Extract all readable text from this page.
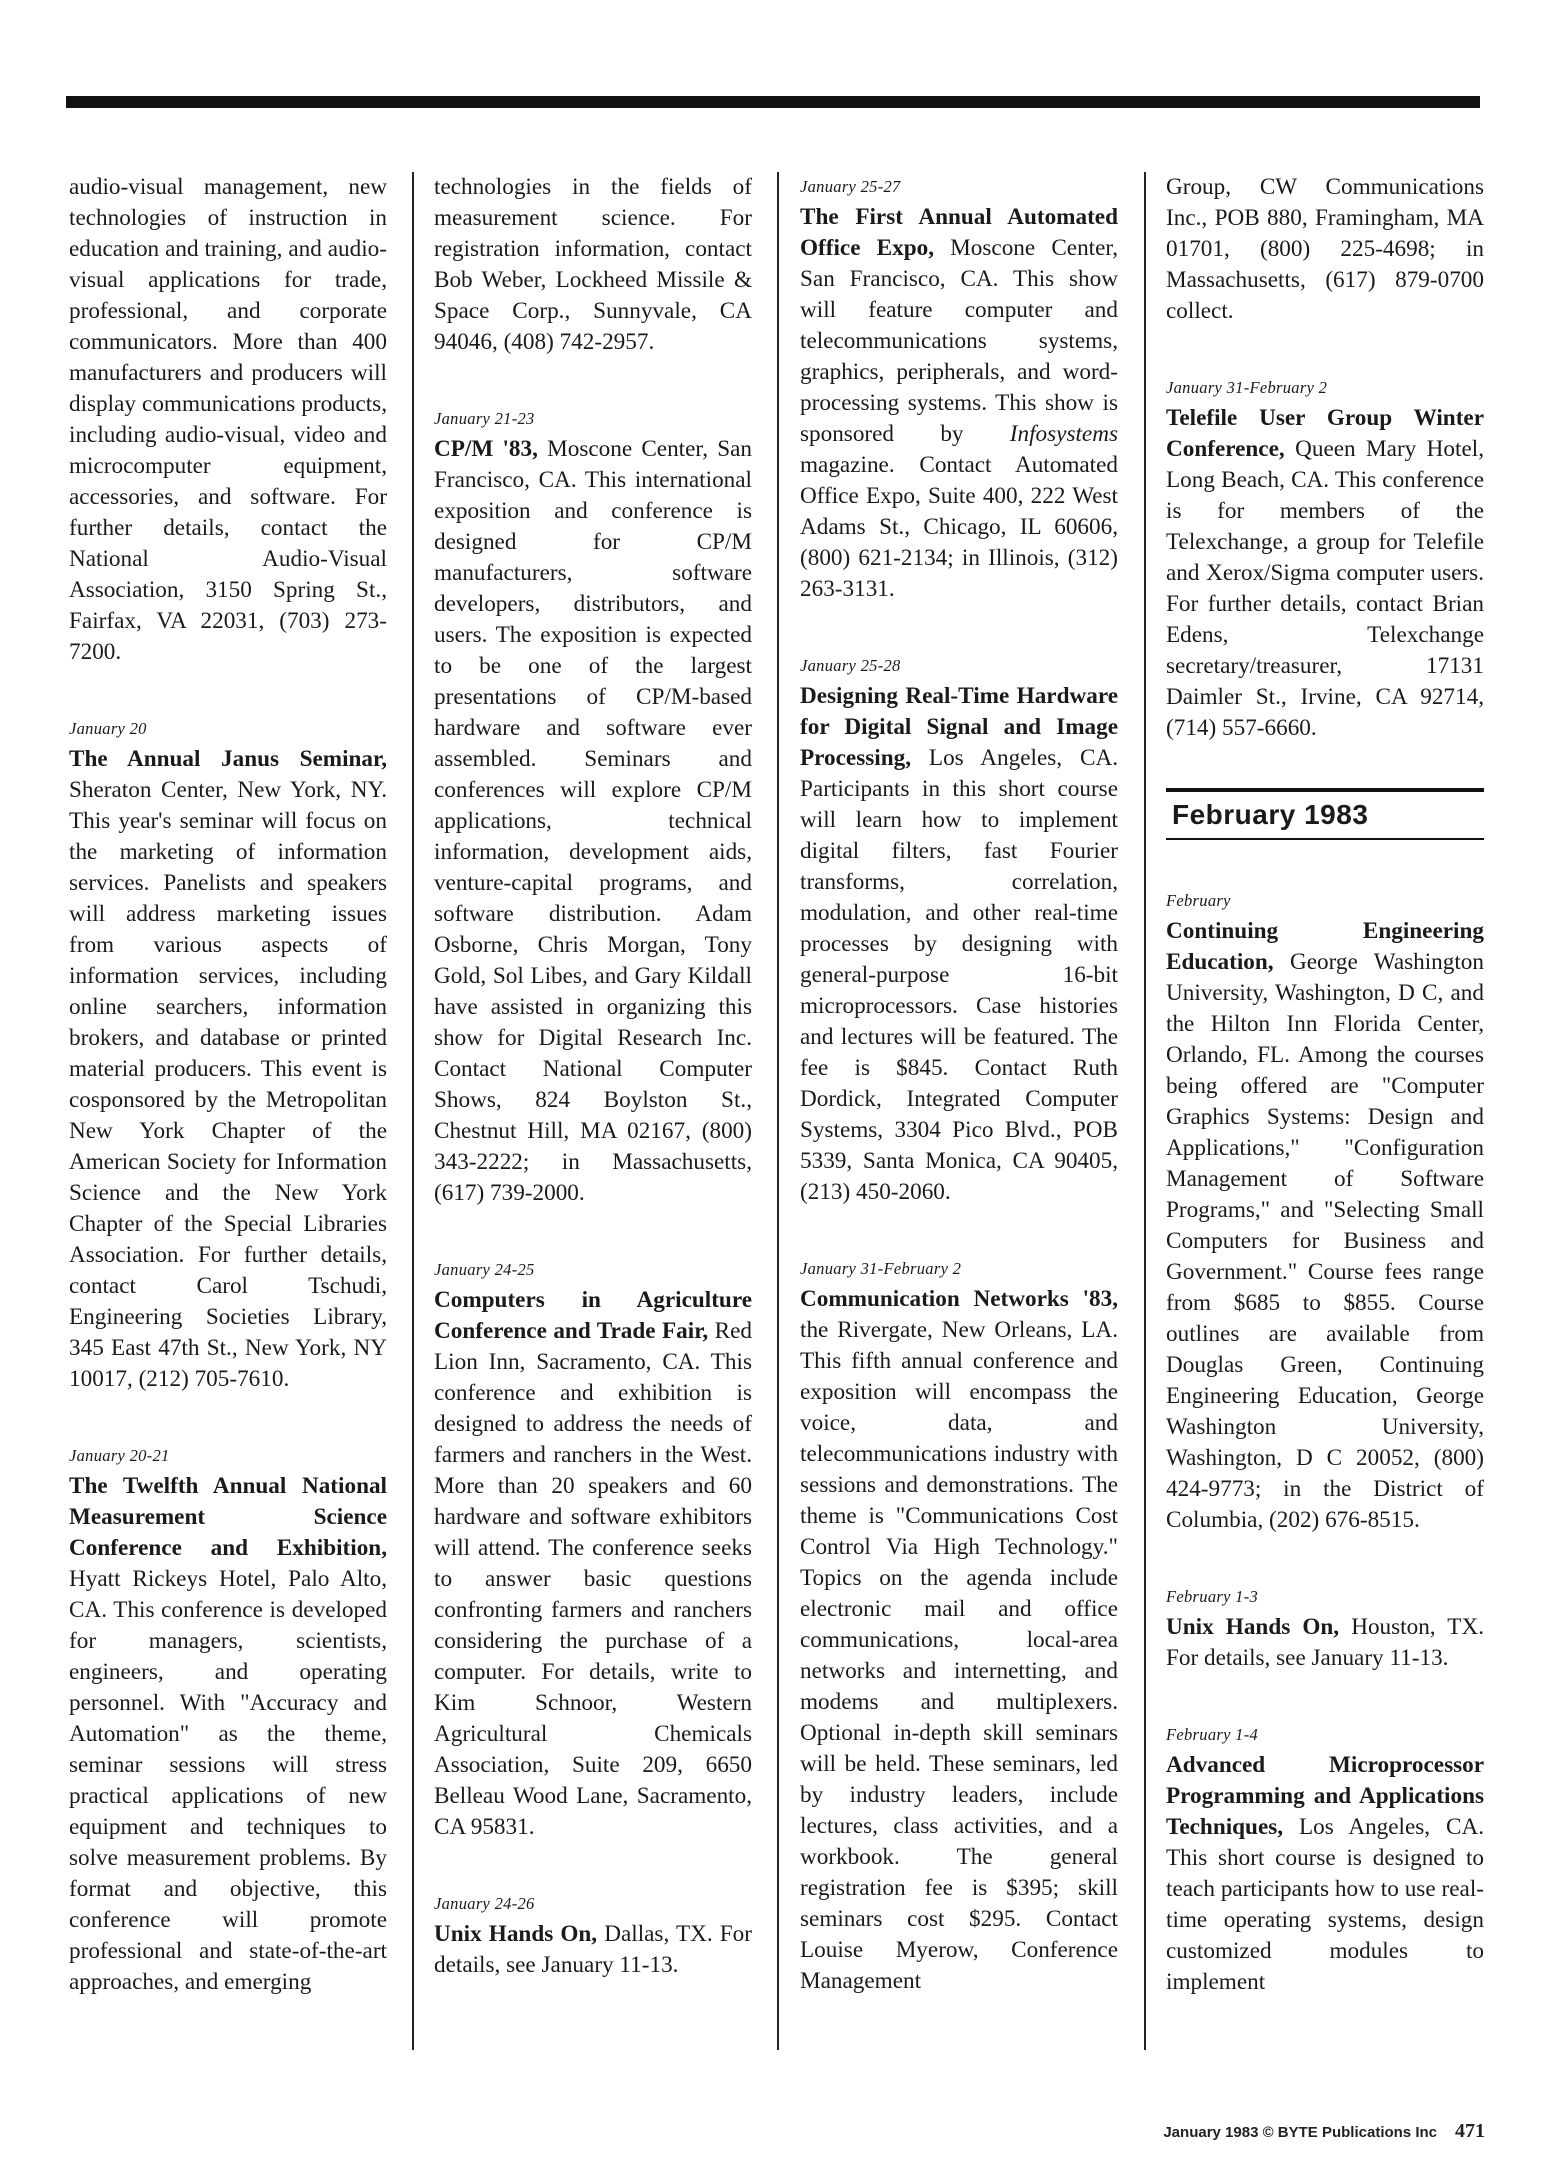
audio-visual management, new technologies of instruction in education and training, and audio-visual applications for trade, professional, and corporate communicators. More than 400 manufacturers and producers will display communications products, including audio-visual, video and microcomputer equipment, accessories, and software. For further details, contact the National Audio-Visual Association, 3150 Spring St., Fairfax, VA 22031, (703) 273-7200.

January 20
The Annual Janus Seminar, Sheraton Center, New York, NY. This year's seminar will focus on the marketing of information services. Panelists and speakers will address marketing issues from various aspects of information services, including online searchers, information brokers, and database or printed material producers. This event is cosponsored by the Metropolitan New York Chapter of the American Society for Information Science and the New York Chapter of the Special Libraries Association. For further details, contact Carol Tschudi, Engineering Societies Library, 345 East 47th St., New York, NY 10017, (212) 705-7610.

January 20-21
The Twelfth Annual National Measurement Science Conference and Exhibition, Hyatt Rickeys Hotel, Palo Alto, CA. This conference is developed for managers, scientists, engineers, and operating personnel. With "Accuracy and Automation" as the theme, seminar sessions will stress practical applications of new equipment and techniques to solve measurement problems. By format and objective, this conference will promote professional and state-of-the-art approaches, and emerging

technologies in the fields of measurement science. For registration information, contact Bob Weber, Lockheed Missile & Space Corp., Sunnyvale, CA 94046, (408) 742-2957.

January 21-23
CP/M '83, Moscone Center, San Francisco, CA. This international exposition and conference is designed for CP/M manufacturers, software developers, distributors, and users. The exposition is expected to be one of the largest presentations of CP/M-based hardware and software ever assembled. Seminars and conferences will explore CP/M applications, technical information, development aids, venture-capital programs, and software distribution. Adam Osborne, Chris Morgan, Tony Gold, Sol Libes, and Gary Kildall have assisted in organizing this show for Digital Research Inc. Contact National Computer Shows, 824 Boylston St., Chestnut Hill, MA 02167, (800) 343-2222; in Massachusetts, (617) 739-2000.

January 24-25
Computers in Agriculture Conference and Trade Fair, Red Lion Inn, Sacramento, CA. This conference and exhibition is designed to address the needs of farmers and ranchers in the West. More than 20 speakers and 60 hardware and software exhibitors will attend. The conference seeks to answer basic questions confronting farmers and ranchers considering the purchase of a computer. For details, write to Kim Schnoor, Western Agricultural Chemicals Association, Suite 209, 6650 Belleau Wood Lane, Sacramento, CA 95831.

January 24-26
Unix Hands On, Dallas, TX. For details, see January 11-13.

January 25-27
The First Annual Automated Office Expo, Moscone Center, San Francisco, CA. This show will feature computer and telecommunications systems, graphics, peripherals, and word-processing systems. This show is sponsored by Infosystems magazine. Contact Automated Office Expo, Suite 400, 222 West Adams St., Chicago, IL 60606, (800) 621-2134; in Illinois, (312) 263-3131.

January 25-28
Designing Real-Time Hardware for Digital Signal and Image Processing, Los Angeles, CA. Participants in this short course will learn how to implement digital filters, fast Fourier transforms, correlation, modulation, and other real-time processes by designing with general-purpose 16-bit microprocessors. Case histories and lectures will be featured. The fee is $845. Contact Ruth Dordick, Integrated Computer Systems, 3304 Pico Blvd., POB 5339, Santa Monica, CA 90405, (213) 450-2060.

January 31-February 2
Communication Networks '83, the Rivergate, New Orleans, LA. This fifth annual conference and exposition will encompass the voice, data, and telecommunications industry with sessions and demonstrations. The theme is "Communications Cost Control Via High Technology." Topics on the agenda include electronic mail and office communications, local-area networks and internetting, and modems and multiplexers. Optional in-depth skill seminars will be held. These seminars, led by industry leaders, include lectures, class activities, and a workbook. The general registration fee is $395; skill seminars cost $295. Contact Louise Myerow, Conference Management

Group, CW Communications Inc., POB 880, Framingham, MA 01701, (800) 225-4698; in Massachusetts, (617) 879-0700 collect.

January 31-February 2
Telefile User Group Winter Conference, Queen Mary Hotel, Long Beach, CA. This conference is for members of the Telexchange, a group for Telefile and Xerox/Sigma computer users. For further details, contact Brian Edens, Telexchange secretary/treasurer, 17131 Daimler St., Irvine, CA 92714, (714) 557-6660.

February 1983

February
Continuing Engineering Education, George Washington University, Washington, D C, and the Hilton Inn Florida Center, Orlando, FL. Among the courses being offered are "Computer Graphics Systems: Design and Applications," "Configuration Management of Software Programs," and "Selecting Small Computers for Business and Government." Course fees range from $685 to $855. Course outlines are available from Douglas Green, Continuing Engineering Education, George Washington University, Washington, D C 20052, (800) 424-9773; in the District of Columbia, (202) 676-8515.

February 1-3
Unix Hands On, Houston, TX. For details, see January 11-13.

February 1-4
Advanced Microprocessor Programming and Applications Techniques, Los Angeles, CA. This short course is designed to teach participants how to use real-time operating systems, design customized modules to implement

January 1983 © BYTE Publications Inc 471
